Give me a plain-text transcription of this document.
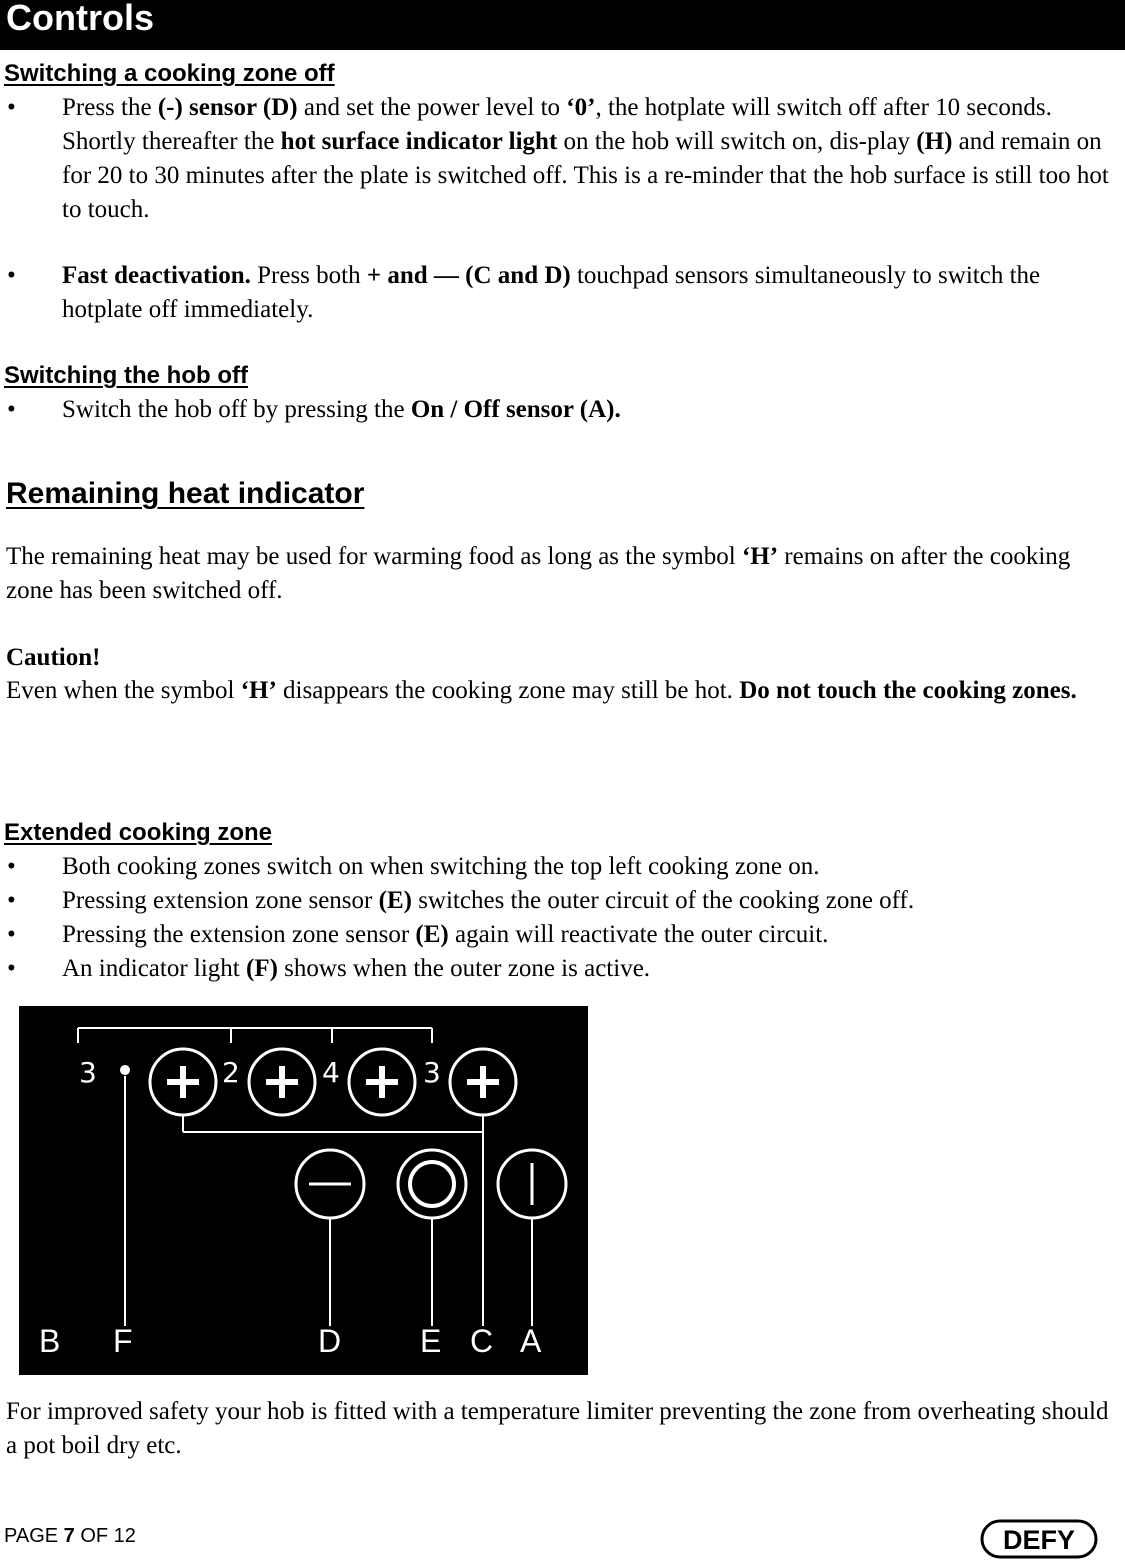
Controls
Switching a cooking zone off
• Press the (-) sensor (D) and set the power level to ‘0’, the hotplate will switch off after 10 seconds. Shortly thereafter the hot surface indicator light on the hob will switch on, dis-play (H) and remain on for 20 to 30 minutes after the plate is switched off. This is a re-minder that the hob surface is still too hot to touch.
• Fast deactivation. Press both + and — (C and D) touchpad sensors simultaneously to switch the hotplate off immediately.
Switching the hob off
• Switch the hob off by pressing the On / Off sensor (A).
Remaining heat indicator

The remaining heat may be used for warming food as long as the symbol ‘H’ remains on after the cooking zone has been switched off.

Caution!

Even when the symbol ‘H’ disappears the cooking zone may still be hot. Do not touch the cooking zones.

Extended cooking zone
• Both cooking zones switch on when switching the top left cooking zone on.
• Pressing extension zone sensor (E) switches the outer circuit of the cooking zone off.
• Pressing the extension zone sensor (E) again will reactivate the outer circuit.
• An indicator light (F) shows when the outer zone is active.
3	2	4	3
B F	D E C A

For improved safety your hob is fitted with a temperature limiter preventing the zone from overheating should a pot boil dry etc.

PAGE 7 OF 12	DEFY
